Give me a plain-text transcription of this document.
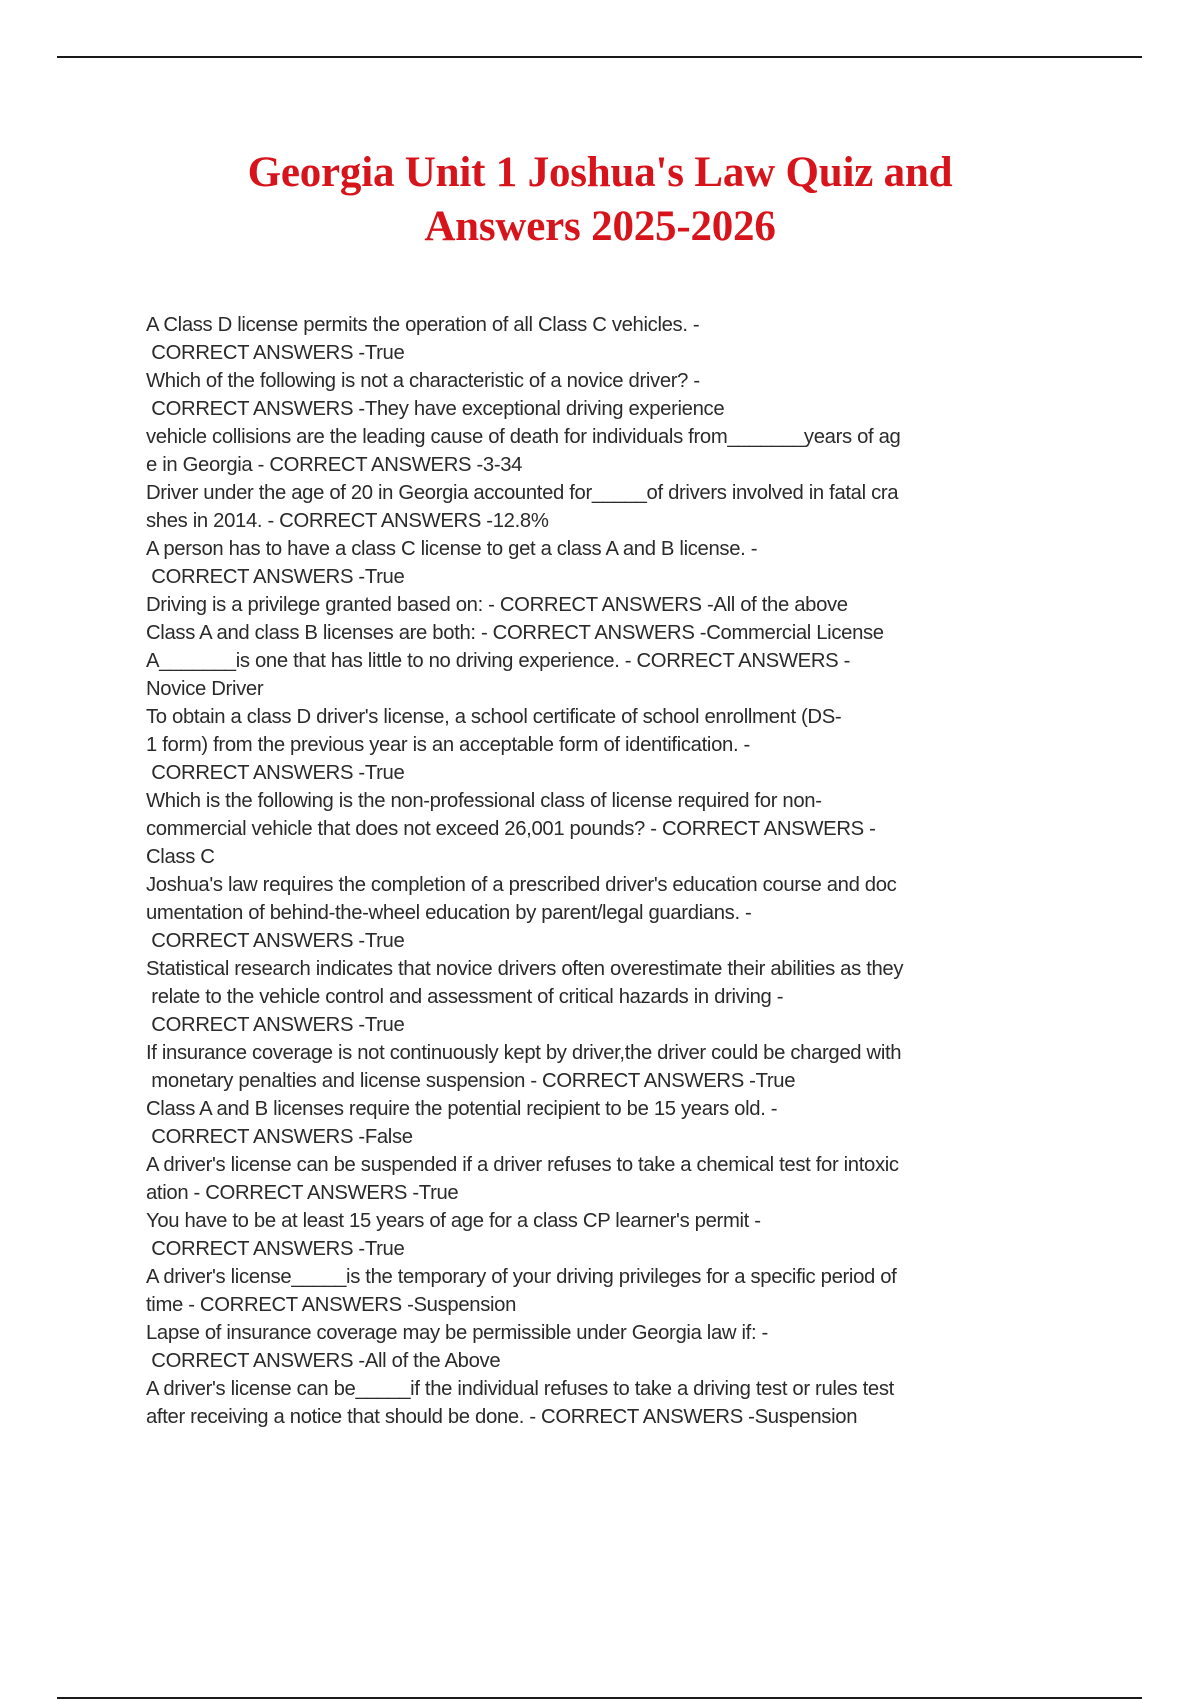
Georgia Unit 1 Joshua's Law Quiz and
Answers 2025-2026
A Class D license permits the operation of all Class C vehicles. -
CORRECT ANSWERS -True
Which of the following is not a characteristic of a novice driver? -
CORRECT ANSWERS -They have exceptional driving experience
vehicle collisions are the leading cause of death for individuals from_______years of ag
e in Georgia - CORRECT ANSWERS -3-34
Driver under the age of 20 in Georgia accounted for_____of drivers involved in fatal cra
shes in 2014. - CORRECT ANSWERS -12.8%
A person has to have a class C license to get a class A and B license. -
CORRECT ANSWERS -True
Driving is a privilege granted based on: - CORRECT ANSWERS -All of the above
Class A and class B licenses are both: - CORRECT ANSWERS -Commercial License
A_______is one that has little to no driving experience. - CORRECT ANSWERS -
Novice Driver
To obtain a class D driver's license, a school certificate of school enrollment (DS-
1 form) from the previous year is an acceptable form of identification. -
CORRECT ANSWERS -True
Which is the following is the non-professional class of license required for non-
commercial vehicle that does not exceed 26,001 pounds? - CORRECT ANSWERS -
Class C
Joshua's law requires the completion of a prescribed driver's education course and doc
umentation of behind-the-wheel education by parent/legal guardians. -
CORRECT ANSWERS -True
Statistical research indicates that novice drivers often overestimate their abilities as they
relate to the vehicle control and assessment of critical hazards in driving -
CORRECT ANSWERS -True
If insurance coverage is not continuously kept by driver,the driver could be charged with
monetary penalties and license suspension - CORRECT ANSWERS -True
Class A and B licenses require the potential recipient to be 15 years old. -
CORRECT ANSWERS -False
A driver's license can be suspended if a driver refuses to take a chemical test for intoxic
ation - CORRECT ANSWERS -True
You have to be at least 15 years of age for a class CP learner's permit -
CORRECT ANSWERS -True
A driver's license_____is the temporary of your driving privileges for a specific period of
time - CORRECT ANSWERS -Suspension
Lapse of insurance coverage may be permissible under Georgia law if: -
CORRECT ANSWERS -All of the Above
A driver's license can be_____if the individual refuses to take a driving test or rules test
after receiving a notice that should be done. - CORRECT ANSWERS -Suspension
